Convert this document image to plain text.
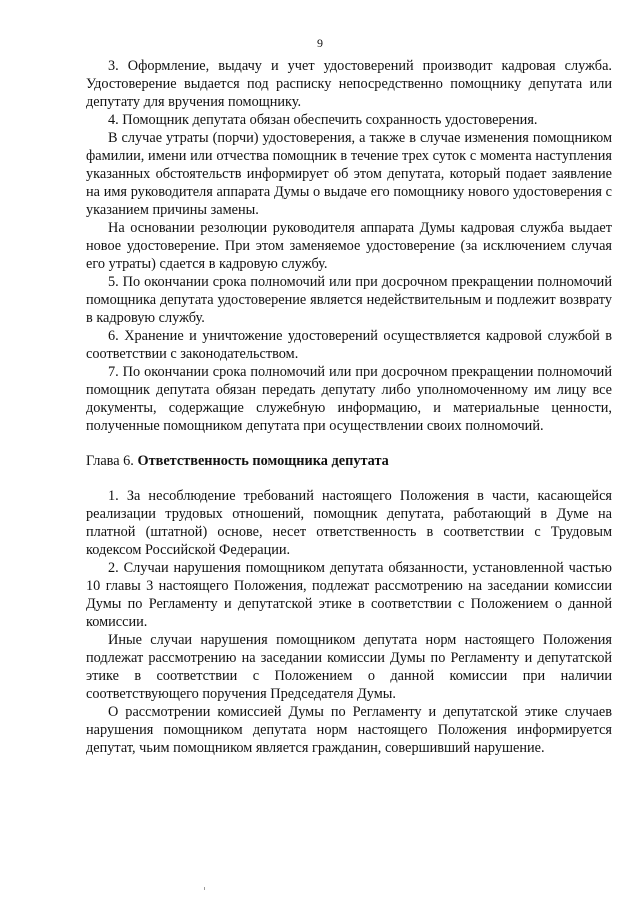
9

3. Оформление, выдачу и учет удостоверений производит кадровая служба. Удостоверение выдается под расписку непосредственно помощнику депутата или депутату для вручения помощнику.

4. Помощник депутата обязан обеспечить сохранность удостоверения.

В случае утраты (порчи) удостоверения, а также в случае изменения помощником фамилии, имени или отчества помощник в течение трех суток с момента наступления указанных обстоятельств информирует об этом депутата, который подает заявление на имя руководителя аппарата Думы о выдаче его помощнику нового удостоверения с указанием причины замены.

На основании резолюции руководителя аппарата Думы кадровая служба выдает новое удостоверение. При этом заменяемое удостоверение (за исключением случая его утраты) сдается в кадровую службу.

5. По окончании срока полномочий или при досрочном прекращении полномочий помощника депутата удостоверение является недействительным и подлежит возврату в кадровую службу.

6. Хранение и уничтожение удостоверений осуществляется кадровой службой в соответствии с законодательством.

7. По окончании срока полномочий или при досрочном прекращении полномочий помощник депутата обязан передать депутату либо уполномоченному им лицу все документы, содержащие служебную информацию, и материальные ценности, полученные помощником депутата при осуществлении своих полномочий.

Глава 6. Ответственность помощника депутата

1. За несоблюдение требований настоящего Положения в части, касающейся реализации трудовых отношений, помощник депутата, работающий в Думе на платной (штатной) основе, несет ответственность в соответствии с Трудовым кодексом Российской Федерации.

2. Случаи нарушения помощником депутата обязанности, установленной частью 10 главы 3 настоящего Положения, подлежат рассмотрению на заседании комиссии Думы по Регламенту и депутатской этике в соответствии с Положением о данной комиссии.

Иные случаи нарушения помощником депутата норм настоящего Положения подлежат рассмотрению на заседании комиссии Думы по Регламенту и депутатской этике в соответствии с Положением о данной комиссии при наличии соответствующего поручения Председателя Думы.

О рассмотрении комиссией Думы по Регламенту и депутатской этике случаев нарушения помощником депутата норм настоящего Положения информируется депутат, чьим помощником является гражданин, совершивший нарушение.
